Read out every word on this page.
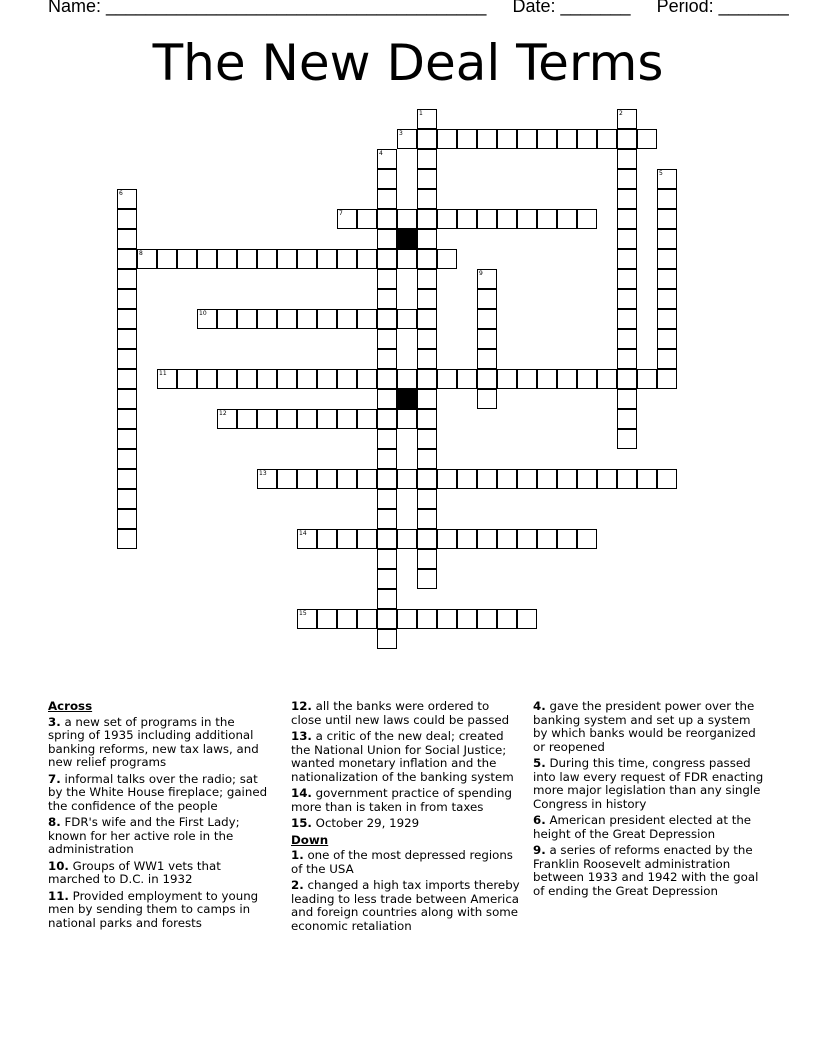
Name: ______________________________________ Date: _______ Period: _______
The New Deal Terms
3
7
8
10
11
12
13
14
15
1	2
4
5
6
9
Across
3. a new set of programs in the spring of 1935 including additional banking reforms, new tax laws, and new relief programs
7. informal talks over the radio; sat by the White House fireplace; gained the confidence of the people
8. FDR's wife and the First Lady; known for her active role in the administration
10. Groups of WW1 vets that marched to D.C. in 1932
11. Provided employment to young men by sending them to camps in national parks and forests
12. all the banks were ordered to close until new laws could be passed
13. a critic of the new deal; created the National Union for Social Justice; wanted monetary inflation and the nationalization of the banking system
14. government practice of spending more than is taken in from taxes
15. October 29, 1929
Down
1. one of the most depressed regions of the USA
2. changed a high tax imports thereby leading to less trade between America and foreign countries along with some economic retaliation
4. gave the president power over the banking system and set up a system by which banks would be reorganized or reopened
5. During this time, congress passed into law every request of FDR enacting more major legislation than any single Congress in history
6. American president elected at the height of the Great Depression
9. a series of reforms enacted by the Franklin Roosevelt administration between 1933 and 1942 with the goal of ending the Great Depression
